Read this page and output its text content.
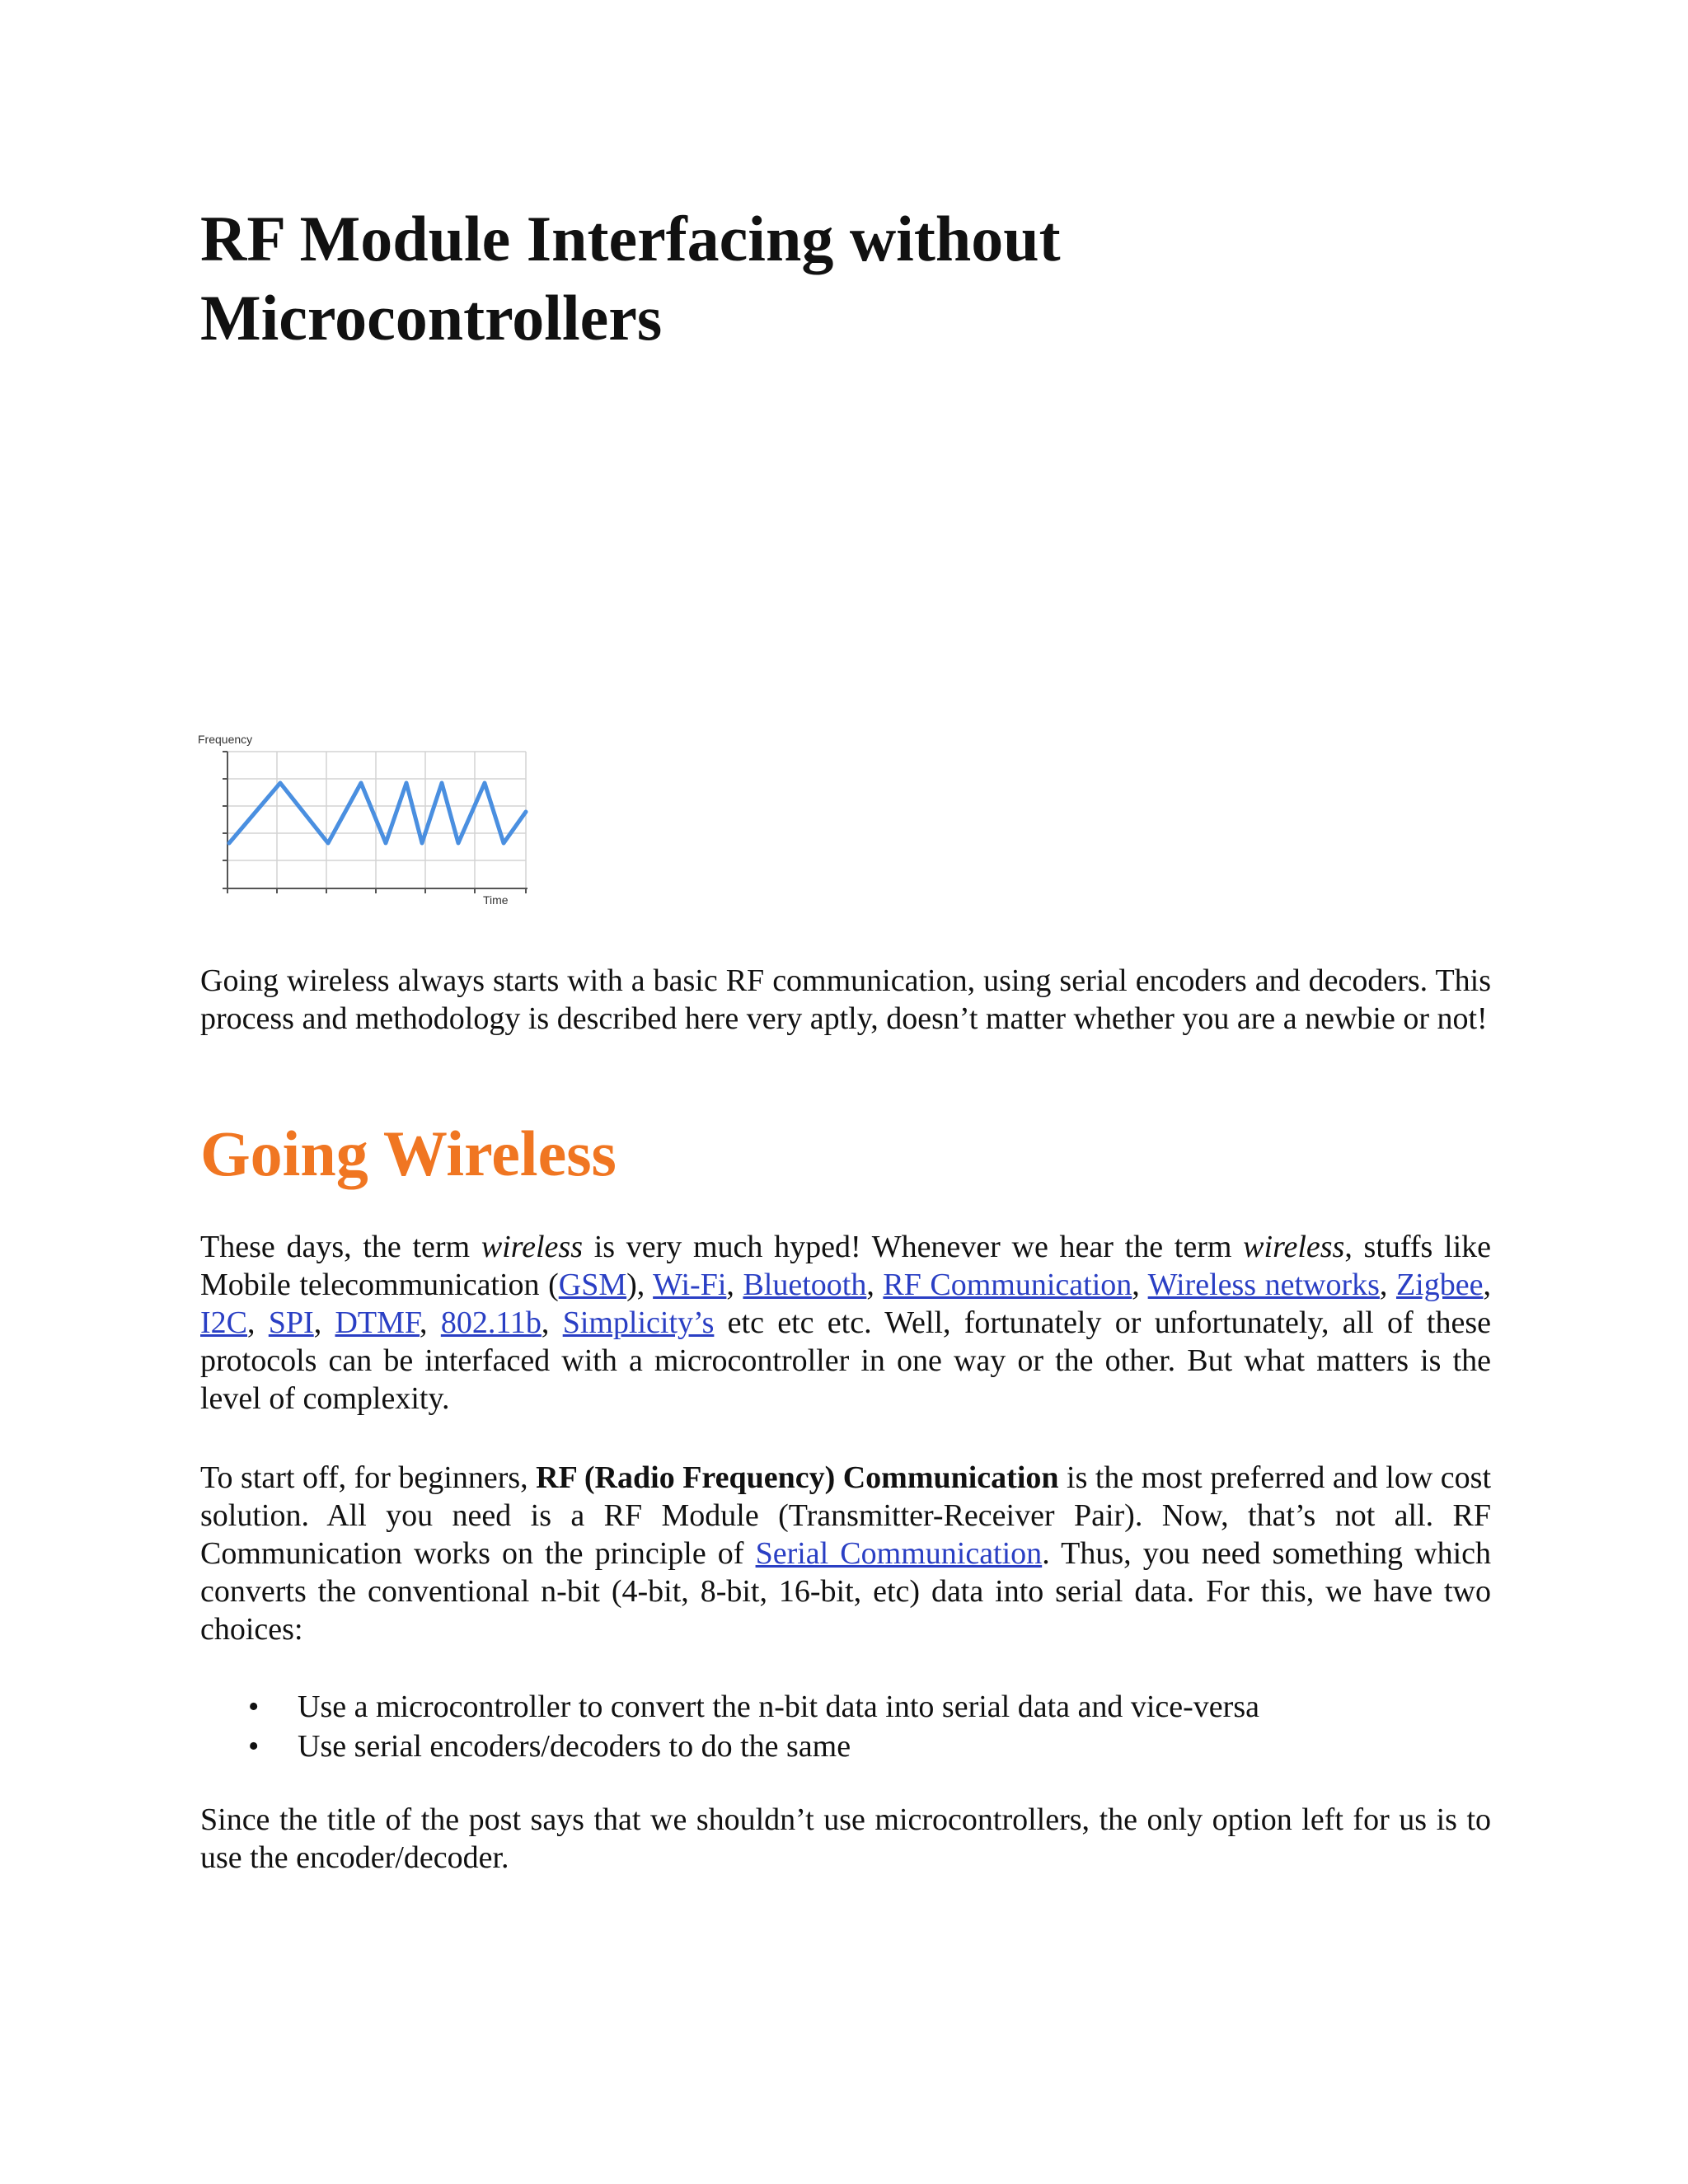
RF Module Interfacing without Microcontrollers
Frequency
Time

Going wireless always starts with a basic RF communication, using serial encoders and decoders. This process and methodology is described here very aptly, doesn’t matter whether you are a newbie or not!

Going Wireless

These days, the term wireless is very much hyped! Whenever we hear the term wireless, stuffs like Mobile telecommunication (GSM), Wi-Fi, Bluetooth, RF Communication, Wireless networks, Zigbee, I2C, SPI, DTMF, 802.11b, Simplicity’s etc etc etc. Well, fortunately or unfortunately, all of these protocols can be interfaced with a microcontroller in one way or the other. But what matters is the level of complexity.

To start off, for beginners, RF (Radio Frequency) Communication is the most preferred and low cost solution. All you need is a RF Module (Transmitter-Receiver Pair). Now, that’s not all. RF Communication works on the principle of Serial Communication. Thus, you need something which converts the conventional n-bit (4-bit, 8-bit, 16-bit, etc) data into serial data. For this, we have two choices:

• Use a microcontroller to convert the n-bit data into serial data and vice-versa
• Use serial encoders/decoders to do the same

Since the title of the post says that we shouldn’t use microcontrollers, the only option left for us is to use the encoder/decoder.
